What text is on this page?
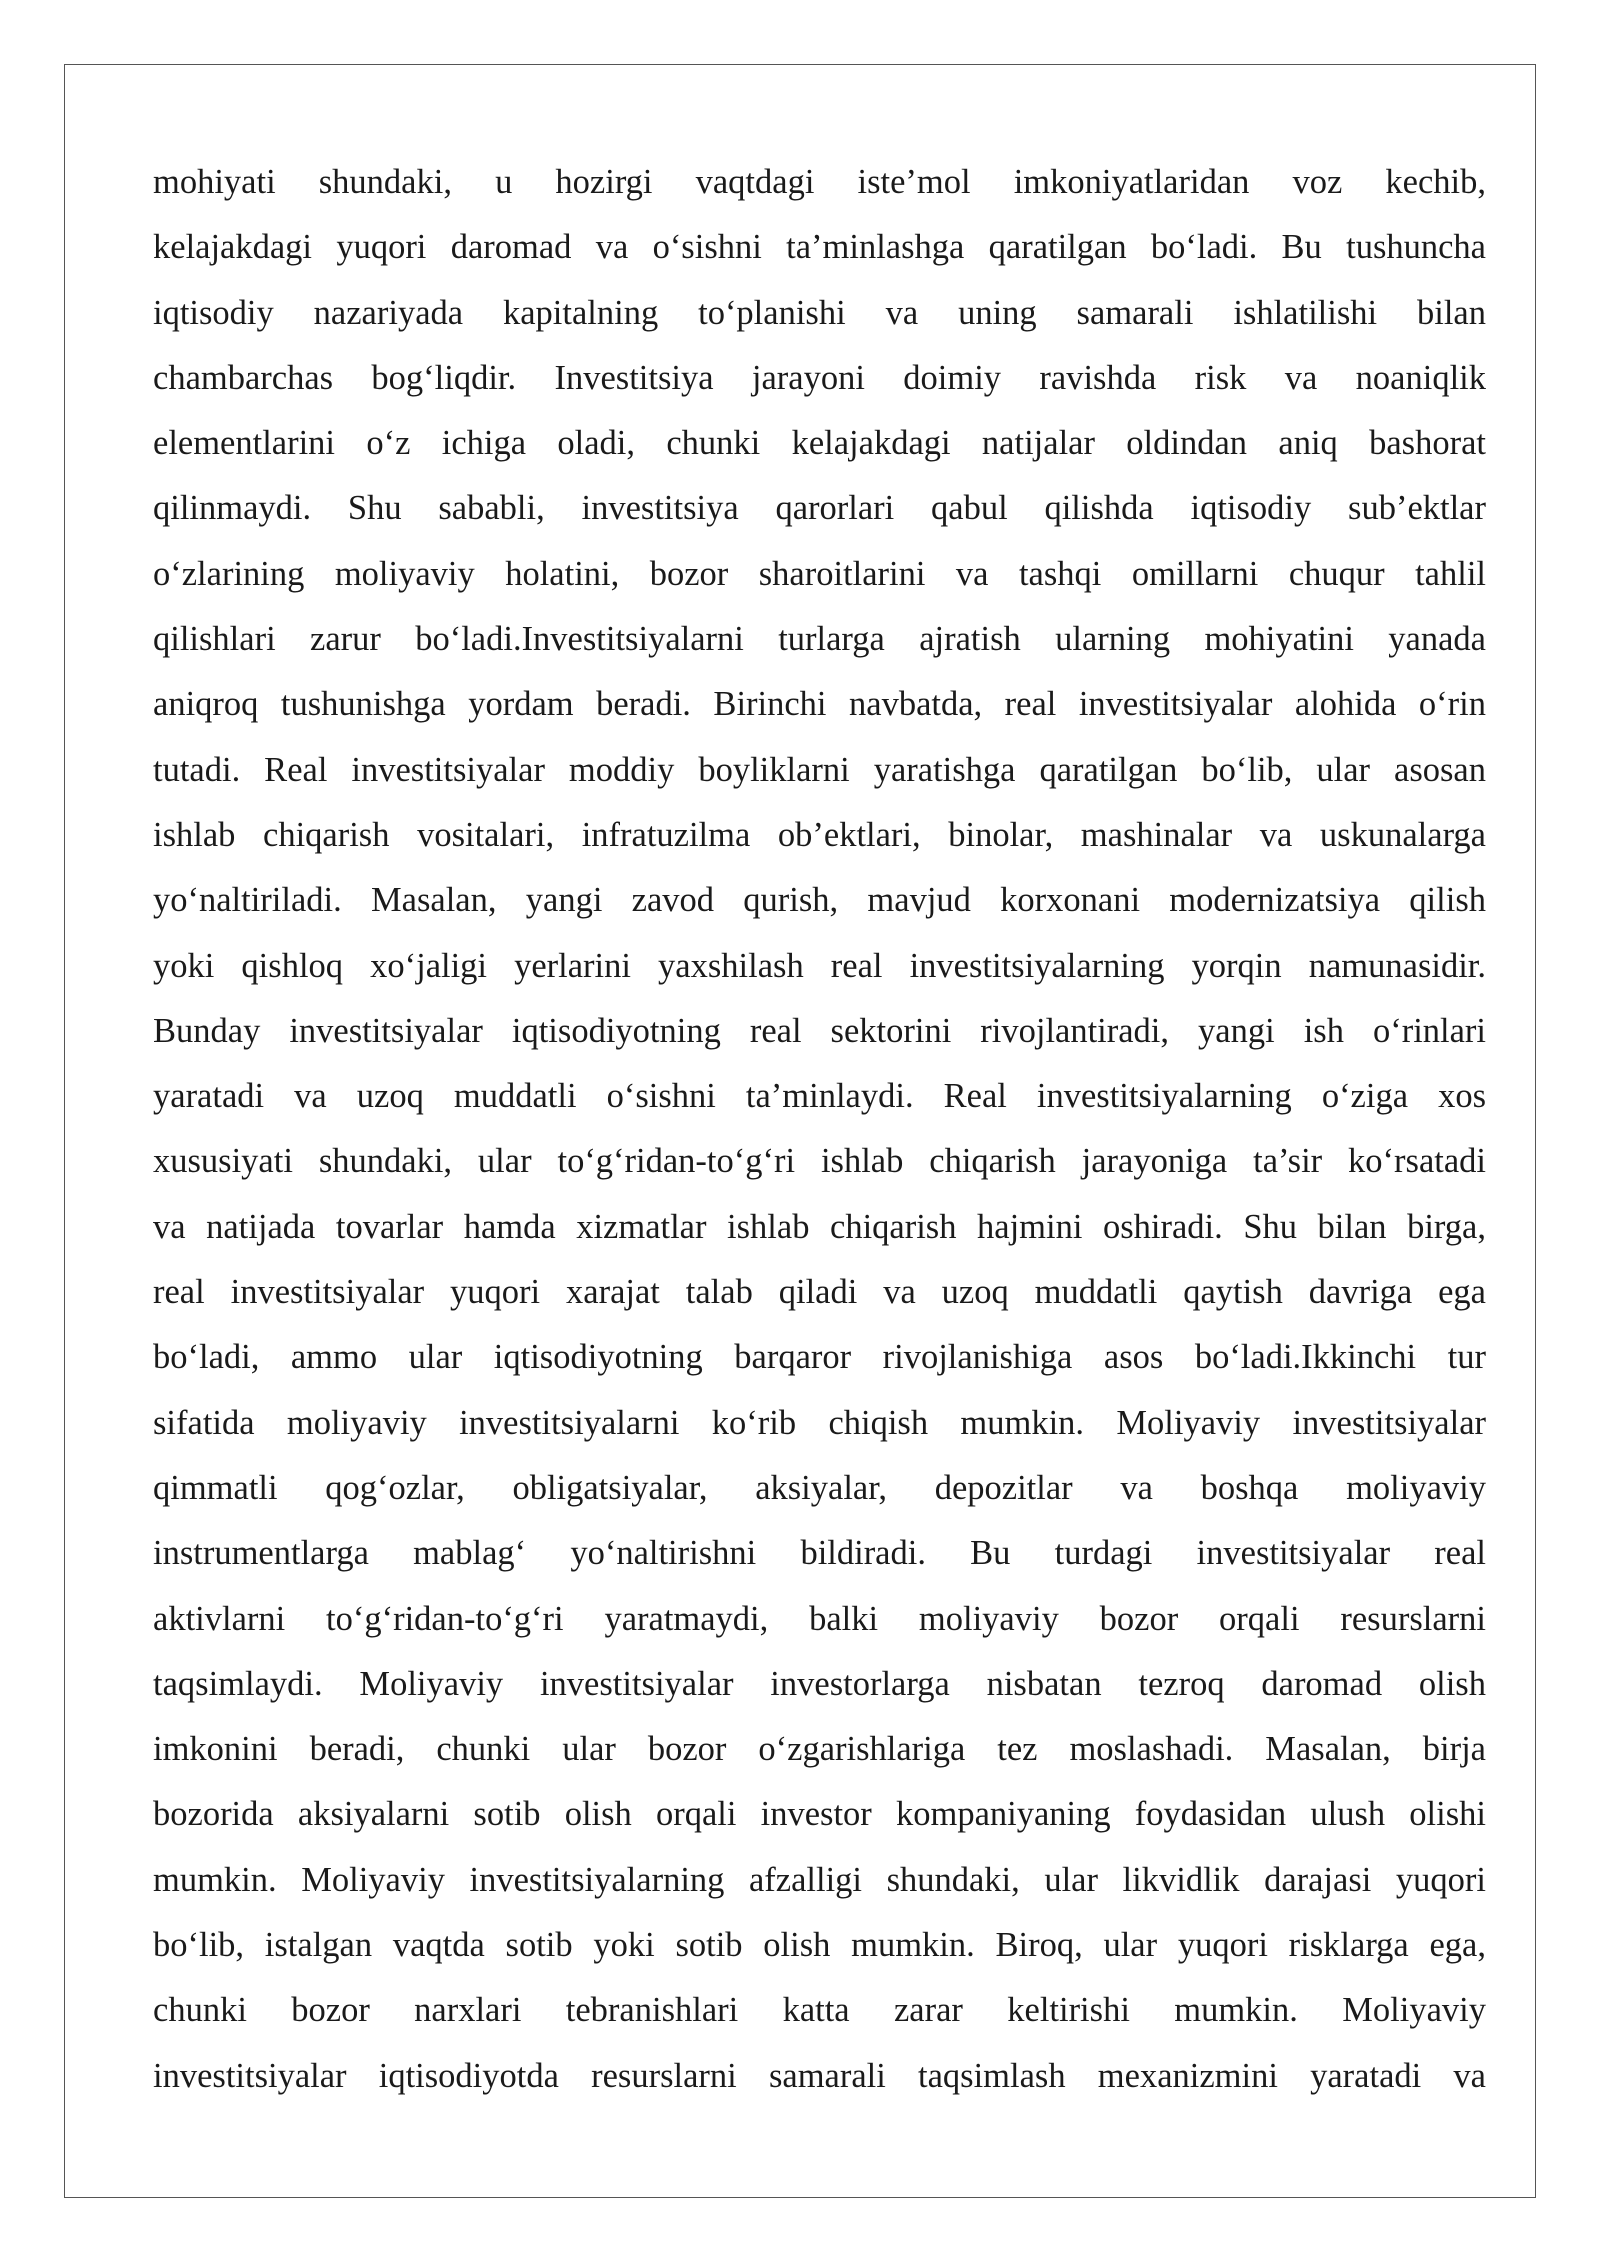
mohiyati shundaki, u hozirgi vaqtdagi iste’mol imkoniyatlaridan voz kechib,
kelajakdagi yuqori daromad va o‘sishni ta’minlashga qaratilgan bo‘ladi. Bu tushuncha
iqtisodiy nazariyada kapitalning to‘planishi va uning samarali ishlatilishi bilan
chambarchas bog‘liqdir. Investitsiya jarayoni doimiy ravishda risk va noaniqlik
elementlarini o‘z ichiga oladi, chunki kelajakdagi natijalar oldindan aniq bashorat
qilinmaydi. Shu sababli, investitsiya qarorlari qabul qilishda iqtisodiy sub’ektlar
o‘zlarining moliyaviy holatini, bozor sharoitlarini va tashqi omillarni chuqur tahlil
qilishlari zarur bo‘ladi.Investitsiyalarni turlarga ajratish ularning mohiyatini yanada
aniqroq tushunishga yordam beradi. Birinchi navbatda, real investitsiyalar alohida o‘rin
tutadi. Real investitsiyalar moddiy boyliklarni yaratishga qaratilgan bo‘lib, ular asosan
ishlab chiqarish vositalari, infratuzilma ob’ektlari, binolar, mashinalar va uskunalarga
yo‘naltiriladi. Masalan, yangi zavod qurish, mavjud korxonani modernizatsiya qilish
yoki qishloq xo‘jaligi yerlarini yaxshilash real investitsiyalarning yorqin namunasidir.
Bunday investitsiyalar iqtisodiyotning real sektorini rivojlantiradi, yangi ish o‘rinlari
yaratadi va uzoq muddatli o‘sishni ta’minlaydi. Real investitsiyalarning o‘ziga xos
xususiyati shundaki, ular to‘g‘ridan-to‘g‘ri ishlab chiqarish jarayoniga ta’sir ko‘rsatadi
va natijada tovarlar hamda xizmatlar ishlab chiqarish hajmini oshiradi. Shu bilan birga,
real investitsiyalar yuqori xarajat talab qiladi va uzoq muddatli qaytish davriga ega
bo‘ladi, ammo ular iqtisodiyotning barqaror rivojlanishiga asos bo‘ladi.Ikkinchi tur
sifatida moliyaviy investitsiyalarni ko‘rib chiqish mumkin. Moliyaviy investitsiyalar
qimmatli qog‘ozlar, obligatsiyalar, aksiyalar, depozitlar va boshqa moliyaviy
instrumentlarga mablag‘ yo‘naltirishni bildiradi. Bu turdagi investitsiyalar real
aktivlarni to‘g‘ridan-to‘g‘ri yaratmaydi, balki moliyaviy bozor orqali resurslarni
taqsimlaydi. Moliyaviy investitsiyalar investorlarga nisbatan tezroq daromad olish
imkonini beradi, chunki ular bozor o‘zgarishlariga tez moslashadi. Masalan, birja
bozorida aksiyalarni sotib olish orqali investor kompaniyaning foydasidan ulush olishi
mumkin. Moliyaviy investitsiyalarning afzalligi shundaki, ular likvidlik darajasi yuqori
bo‘lib, istalgan vaqtda sotib yoki sotib olish mumkin. Biroq, ular yuqori risklarga ega,
chunki bozor narxlari tebranishlari katta zarar keltirishi mumkin. Moliyaviy
investitsiyalar iqtisodiyotda resurslarni samarali taqsimlash mexanizmini yaratadi va
